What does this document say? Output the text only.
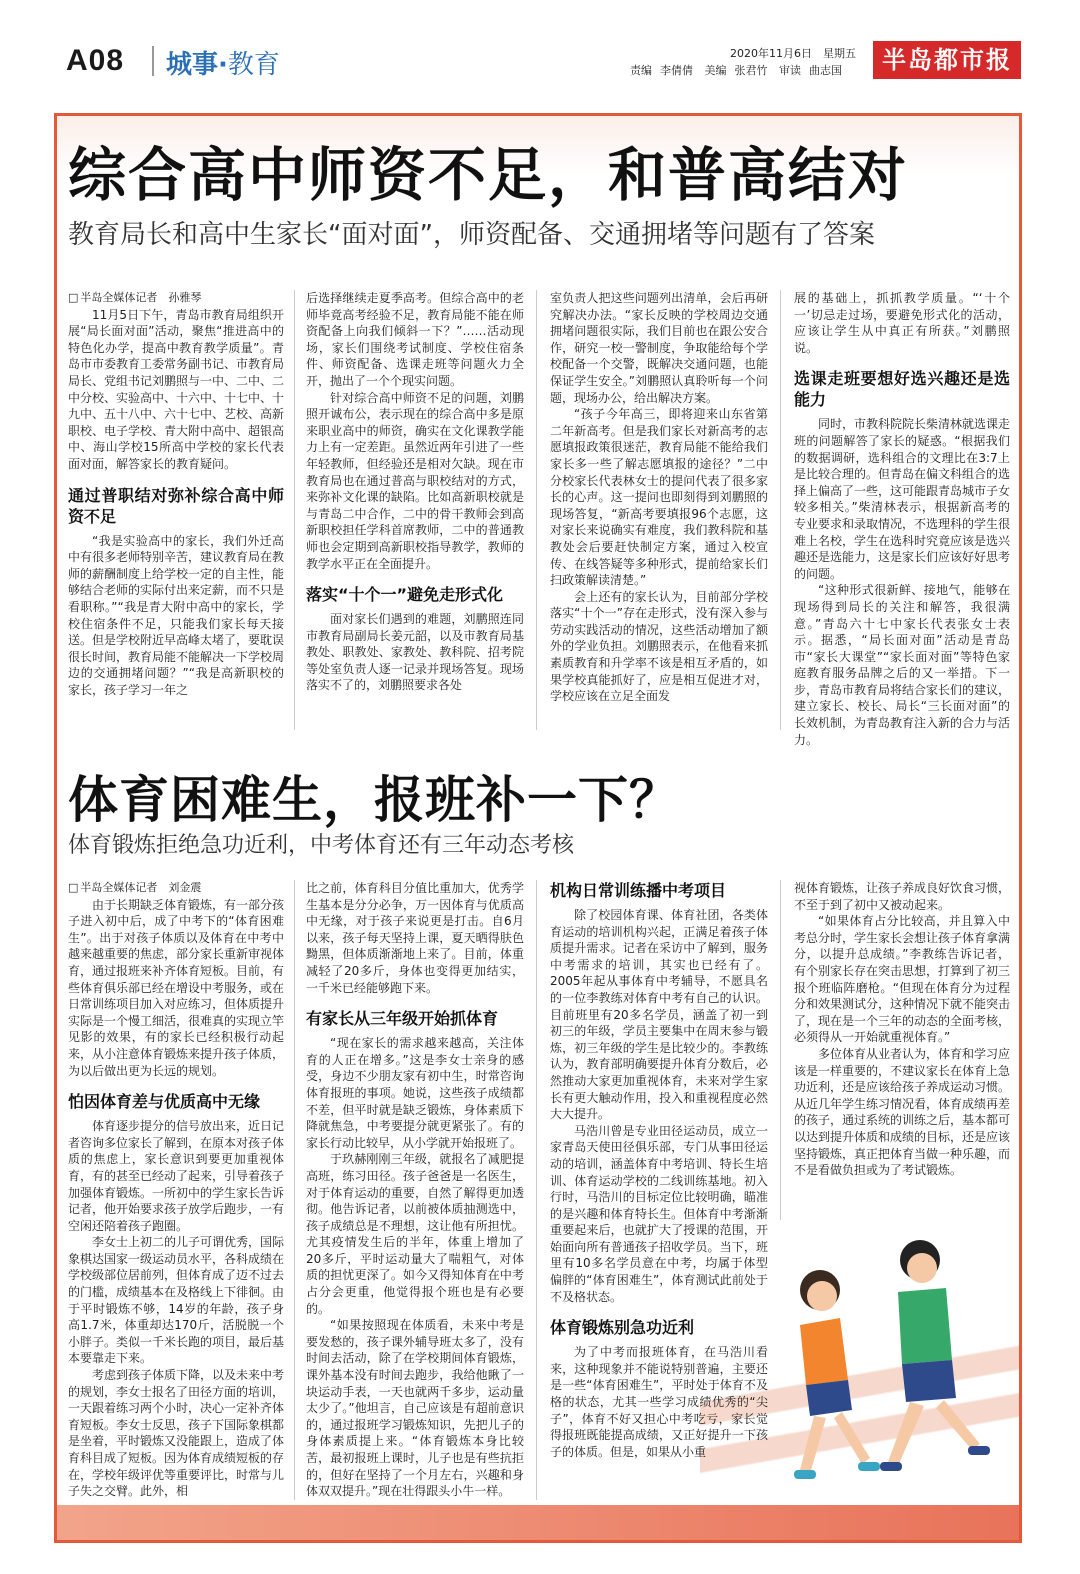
A08 城事·教育	2020年11月6日　星期五
责编 李倩倩 美编 张君竹 审读 曲志国	半岛都市报
综合高中师资不足，和普高结对
教育局长和高中生家长“面对面”，师资配备、交通拥堵等问题有了答案

□ 半岛全媒体记者　孙雅琴

11月5日下午，青岛市教育局组织开展“局长面对面”活动，聚焦“推进高中的特色化办学，提高中教育教学质量”。青岛市市委教育工委常务副书记、市教育局局长、党组书记刘鹏照与一中、二中、二中分校、实验高中、十六中、十七中、十九中、五十八中、六十七中、艺校、高新职校、电子学校、青大附中高中、超银高中、海山学校15所高中学校的家长代表面对面，解答家长的教育疑问。

通过普职结对弥补综合高中师资不足

“我是实验高中的家长，我们外迁高中有很多老师特别辛苦，建议教育局在教师的薪酬制度上给学校一定的自主性，能够结合老师的实际付出来定薪，而不只是看职称。”“我是青大附中高中的家长，学校住宿条件不足，只能我们家长每天接送。但是学校附近早高峰太堵了，要耽误很长时间，教育局能不能解决一下学校周边的交通拥堵问题？”“我是高新职校的家长，孩子学习一年之

后选择继续走夏季高考。但综合高中的老师毕竟高考经验不足，教育局能不能在师资配备上向我们倾斜一下？”……活动现场，家长们围绕考试制度、学校住宿条件、师资配备、选课走班等问题火力全开，抛出了一个个现实问题。

针对综合高中师资不足的问题，刘鹏照开诚布公，表示现在的综合高中多是原来职业高中的师资，确实在文化课教学能力上有一定差距。虽然近两年引进了一些年轻教师，但经验还是相对欠缺。现在市教育局也在通过普高与职校结对的方式，来弥补文化课的缺陷。比如高新职校就是与青岛二中合作，二中的骨干教师会到高新职校担任学科首席教师，二中的普通教师也会定期到高新职校指导教学，教师的教学水平正在全面提升。

落实“十个一”避免走形式化

面对家长们遇到的难题，刘鹏照连同市教育局副局长姜元韶，以及市教育局基教处、职教处、家教处、教科院、招考院等处室负责人逐一记录并现场答复。现场落实不了的，刘鹏照要求各处

室负责人把这些问题列出清单，会后再研究解决办法。“家长反映的学校周边交通拥堵问题很实际，我们目前也在跟公安合作，研究一校一警制度，争取能给每个学校配备一个交警，既解决交通问题，也能保证学生安全。”刘鹏照认真聆听每一个问题，现场办公，给出解决方案。

“孩子今年高三，即将迎来山东省第二年新高考。但是我们家长对新高考的志愿填报政策很迷茫，教育局能不能给我们家长多一些了解志愿填报的途径？”二中分校家长代表林女士的提问代表了很多家长的心声。这一提问也即刻得到刘鹏照的现场答复，“新高考要填报96个志愿，这对家长来说确实有难度，我们教科院和基教处会后要赶快制定方案，通过入校宣传、在线答疑等多种形式，提前给家长们扫政策解读清楚。”

会上还有的家长认为，目前部分学校落实“十个一”存在走形式，没有深入参与劳动实践活动的情况，这些活动增加了额外的学业负担。刘鹏照表示，在他看来抓素质教育和升学率不该是相互矛盾的，如果学校真能抓好了，应是相互促进才对，学校应该在立足全面发

展的基础上，抓抓教学质量。“‘十个一’切忌走过场，要避免形式化的活动，应该让学生从中真正有所获。”刘鹏照说。

选课走班要想好选兴趣还是选能力

同时，市教科院院长柴清林就选课走班的问题解答了家长的疑惑。“根据我们的数据调研，选科组合的文理比在3:7上是比较合理的。但青岛在偏文科组合的选择上偏高了一些，这可能跟青岛城市子女较多相关。”柴清林表示，根据新高考的专业要求和录取情况，不选理科的学生很难上名校，学生在选科时究竟应该是选兴趣还是选能力，这是家长们应该好好思考的问题。

“这种形式很新鲜、接地气，能够在现场得到局长的关注和解答，我很满意。”青岛六十七中家长代表张女士表示。据悉，“局长面对面”活动是青岛市“家长大课堂”“家长面对面”等特色家庭教育服务品牌之后的又一举措。下一步，青岛市教育局将结合家长们的建议，建立家长、校长、局长“三长面对面”的长效机制，为青岛教育注入新的合力与活力。

体育困难生，报班补一下？
体育锻炼拒绝急功近利，中考体育还有三年动态考核

□ 半岛全媒体记者　刘金震

由于长期缺乏体育锻炼，有一部分孩子进入初中后，成了中考下的“体育困难生”。出于对孩子体质以及体育在中考中越来越重要的焦虑，部分家长重新审视体育，通过报班来补齐体育短板。目前，有些体育俱乐部已经在增设中考服务，或在日常训练项目加入对应练习，但体质提升实际是一个慢工细活，很难真的实现立竿见影的效果，有的家长已经积极行动起来，从小注意体育锻炼来提升孩子体质，为以后做出更为长远的规划。

怕因体育差与优质高中无缘

体育逐步提分的信号放出来，近日记者咨询多位家长了解到，在原本对孩子体质的焦虑上，家长意识到要更加重视体育，有的甚至已经动了起来，引导着孩子加强体育锻炼。一所初中的学生家长告诉记者，他开始要求孩子放学后跑步，一有空闲还陪着孩子跑圈。

李女士上初二的儿子可谓优秀，国际象棋达国家一级运动员水平，各科成绩在学校级部位居前列，但体育成了迈不过去的门槛，成绩基本在及格线上下徘徊。由于平时锻炼不够，14岁的年龄，孩子身高1.7米，体重却达170斤，活脱脱一个小胖子。类似一千米长跑的项目，最后基本要靠走下来。

考虑到孩子体质下降，以及未来中考的规划，李女士报名了田径方面的培训，一天跟着练习两个小时，决心一定补齐体育短板。李女士反思，孩子下国际象棋都是坐着，平时锻炼又没能跟上，造成了体育科目成了短板。因为体育成绩短板的存在，学校年级评优等重要评比，时常与儿子失之交臂。此外，相

比之前，体育科目分值比重加大，优秀学生基本是分分必争，万一因体育与优质高中无缘，对于孩子来说更是打击。自6月以来，孩子每天坚持上课，夏天晒得肤色黝黑，但体质渐渐地上来了。目前，体重减轻了20多斤，身体也变得更加结实，一千米已经能够跑下来。

有家长从三年级开始抓体育

“现在家长的需求越来越高，关注体育的人正在增多。”这是李女士亲身的感受，身边不少朋友家有初中生，时常咨询体育报班的事项。她说，这些孩子成绩都不差，但平时就是缺乏锻炼，身体素质下降就焦急，中考要提分就更紧张了。有的家长行动比较早，从小学就开始报班了。

于玖赫刚刚三年级，就报名了减肥提高班，练习田径。孩子爸爸是一名医生，对于体育运动的重要，自然了解得更加透彻。他告诉记者，以前被体质抽测选中，孩子成绩总是不理想，这让他有所担忧。尤其疫情发生后的半年，体重上增加了20多斤，平时运动量大了喘粗气，对体质的担忧更深了。如今又得知体育在中考占分会更重，他觉得报个班也是有必要的。

“如果按照现在体质看，未来中考是要发愁的，孩子课外辅导班太多了，没有时间去活动，除了在学校期间体育锻炼，课外基本没有时间去跑步，我给他瞅了一块运动手表，一天也就两千多步，运动量太少了。”他坦言，自己应该是有超前意识的，通过报班学习锻炼知识，先把儿子的身体素质提上来。“体育锻炼本身比较苦，最初报班上课时，儿子也是有些抗拒的，但好在坚持了一个月左右，兴趣和身体双双提升。”现在壮得跟头小牛一样。

机构日常训练播中考项目

除了校园体育课、体育社团，各类体育运动的培训机构兴起，正满足着孩子体质提升需求。记者在采访中了解到，服务中考需求的培训，其实也已经有了。2005年起从事体育中考辅导，不愿具名的一位李教练对体育中考有自己的认识。目前班里有20多名学员，涵盖了初一到初三的年级，学员主要集中在周末参与锻炼，初三年级的学生是比较少的。李教练认为，教育部明确要提升体育分数后，必然推动大家更加重视体育，未来对学生家长有更大触动作用，投入和重视程度必然大大提升。

马浩川曾是专业田径运动员，成立一家青岛天使田径俱乐部，专门从事田径运动的培训，涵盖体育中考培训、特长生培训、体育运动学校的二线训练基地。初入行时，马浩川的目标定位比较明确，瞄准的是兴趣和体育特长生。但体育中考渐渐重要起来后，也就扩大了授课的范围，开始面向所有普通孩子招收学员。当下，班里有10多名学员意在中考，均属于体型偏胖的“体育困难生”，体育测试此前处于不及格状态。

体育锻炼别急功近利

为了中考而报班体育，在马浩川看来，这种现象并不能说特别普遍，主要还是一些“体育困难生”，平时处于体育不及格的状态，尤其一些学习成绩优秀的“尖子”，体育不好又担心中考吃亏，家长觉得报班既能提高成绩，又正好提升一下孩子的体质。但是，如果从小重

视体育锻炼，让孩子养成良好饮食习惯，不至于到了初中又被动起来。

“如果体育占分比较高，并且算入中考总分时，学生家长会想让孩子体育拿满分，以提升总成绩。”李教练告诉记者，有个别家长存在突击思想，打算到了初三报个班临阵磨枪。“但现在体育分为过程分和效果测试分，这种情况下就不能突击了，现在是一个三年的动态的全面考核，必须得从一开始就重视体育。”

多位体育从业者认为，体育和学习应该是一样重要的，不建议家长在体育上急功近利，还是应该给孩子养成运动习惯。从近几年学生练习情况看，体育成绩再差的孩子，通过系统的训练之后，基本都可以达到提升体质和成绩的目标，还是应该坚持锻炼，真正把体育当做一种乐趣，而不是看做负担或为了考试锻炼。
